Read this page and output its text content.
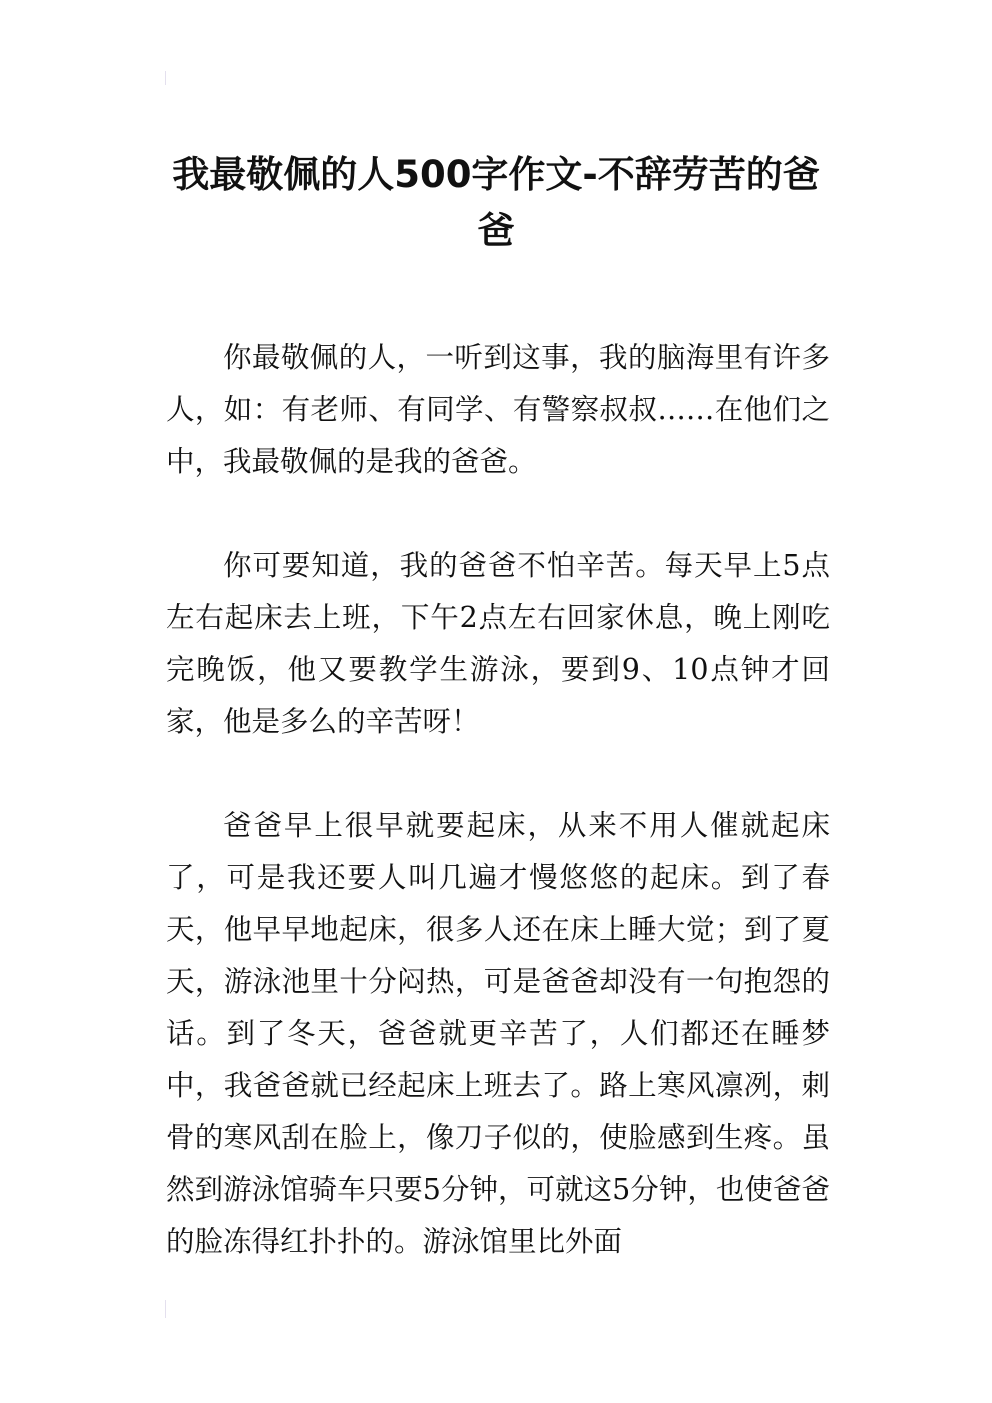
我最敬佩的人500字作文-不辞劳苦的爸爸

你最敬佩的人，一听到这事，我的脑海里有许多人，如：有老师、有同学、有警察叔叔……在他们之中，我最敬佩的是我的爸爸。

你可要知道，我的爸爸不怕辛苦。每天早上5点左右起床去上班，下午2点左右回家休息，晚上刚吃完晚饭，他又要教学生游泳，要到9、10点钟才回家，他是多么的辛苦呀！

爸爸早上很早就要起床，从来不用人催就起床了，可是我还要人叫几遍才慢悠悠的起床。到了春天，他早早地起床，很多人还在床上睡大觉；到了夏天，游泳池里十分闷热，可是爸爸却没有一句抱怨的话。到了冬天，爸爸就更辛苦了，人们都还在睡梦中，我爸爸就已经起床上班去了。路上寒风凛冽，刺骨的寒风刮在脸上，像刀子似的，使脸感到生疼。虽然到游泳馆骑车只要5分钟，可就这5分钟，也使爸爸的脸冻得红扑扑的。游泳馆里比外面
